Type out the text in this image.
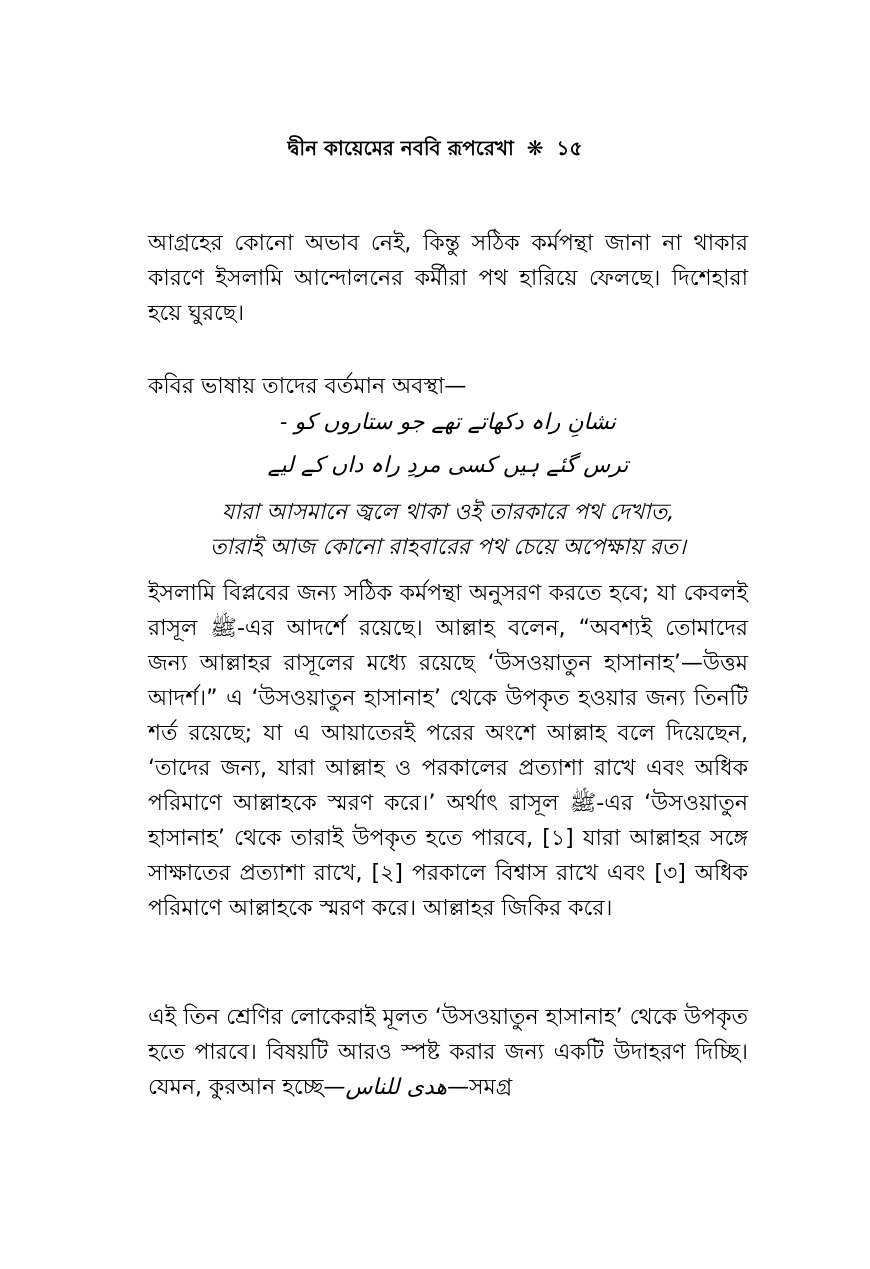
দ্বীন কায়েমের নববি রূপরেখা ❋ ১৫

আগ্রহের কোনো অভাব নেই, কিন্তু সঠিক কর্মপন্থা জানা না থাকার কারণে ইসলামি আন্দোলনের কর্মীরা পথ হারিয়ে ফেলছে। দিশেহারা হয়ে ঘুরছে।

কবির ভাষায় তাদের বর্তমান অবস্থা—

نشانِ راہ دکھاتے تھے جو ستاروں کو -
ترس گئے ہیں کسی مردِ راہ داں کے لیے
যারা আসমানে জ্বলে থাকা ওই তারকারে পথ দেখাত,
তারাই আজ কোনো রাহবারের পথ চেয়ে অপেক্ষায় রত।

ইসলামি বিপ্লবের জন্য সঠিক কর্মপন্থা অনুসরণ করতে হবে; যা কেবলই রাসূল ﷺ-এর আদর্শে রয়েছে। আল্লাহ বলেন, “অবশ্যই তোমাদের জন্য আল্লাহর রাসূলের মধ্যে রয়েছে ‘উসওয়াতুন হাসানাহ’—উত্তম আদর্শ।” এ ‘উসওয়াতুন হাসানাহ’ থেকে উপকৃত হওয়ার জন্য তিনটি শর্ত রয়েছে; যা এ আয়াতেরই পরের অংশে আল্লাহ বলে দিয়েছেন, ‘তাদের জন্য, যারা আল্লাহ ও পরকালের প্রত্যাশা রাখে এবং অধিক পরিমাণে আল্লাহকে স্মরণ করে।’ অর্থাৎ রাসূল ﷺ-এর ‘উসওয়াতুন হাসানাহ’ থেকে তারাই উপকৃত হতে পারবে, [১] যারা আল্লাহর সঙ্গে সাক্ষাতের প্রত্যাশা রাখে, [২] পরকালে বিশ্বাস রাখে এবং [৩] অধিক পরিমাণে আল্লাহকে স্মরণ করে। আল্লাহর জিকির করে।

এই তিন শ্রেণির লোকেরাই মূলত ‘উসওয়াতুন হাসানাহ’ থেকে উপকৃত হতে পারবে। বিষয়টি আরও স্পষ্ট করার জন্য একটি উদাহরণ দিচ্ছি। যেমন, কুরআন হচ্ছে—هدى للناس—সমগ্র
